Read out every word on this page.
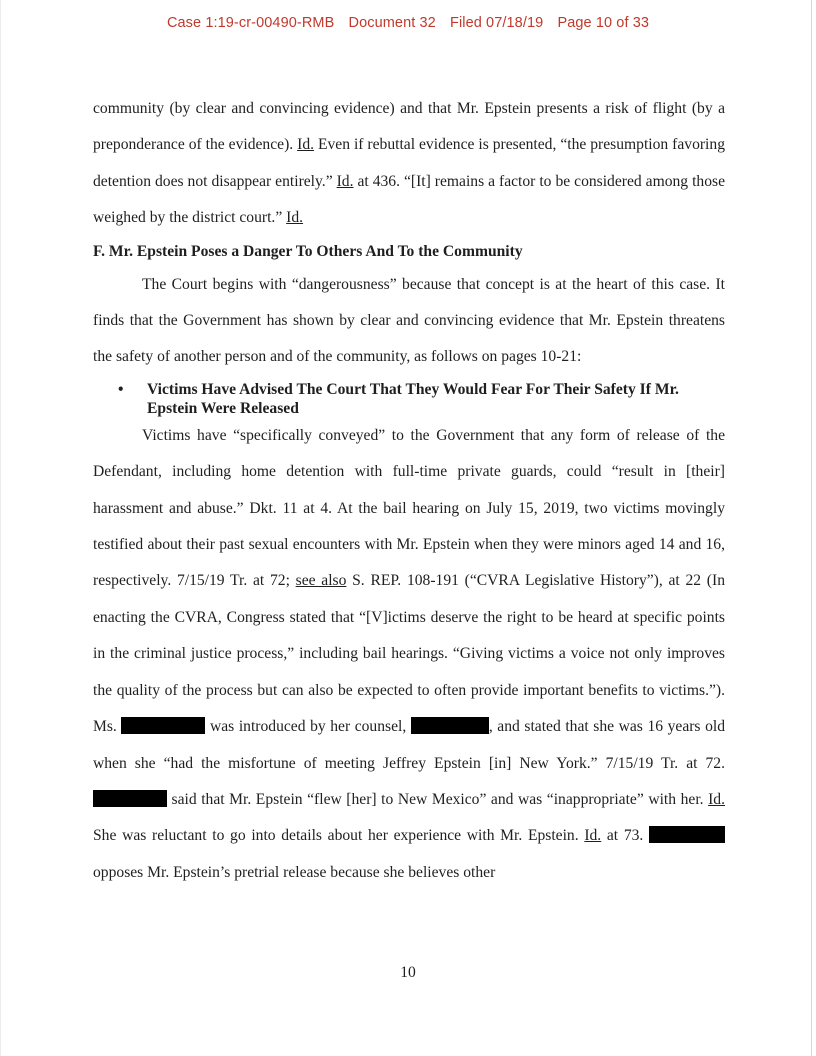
Case 1:19-cr-00490-RMB Document 32 Filed 07/18/19 Page 10 of 33

community (by clear and convincing evidence) and that Mr. Epstein presents a risk of flight (by a preponderance of the evidence). Id. Even if rebuttal evidence is presented, “the presumption favoring detention does not disappear entirely.” Id. at 436. “[It] remains a factor to be considered among those weighed by the district court.” Id.

F. Mr. Epstein Poses a Danger To Others And To the Community

The Court begins with “dangerousness” because that concept is at the heart of this case. It finds that the Government has shown by clear and convincing evidence that Mr. Epstein threatens the safety of another person and of the community, as follows on pages 10-21:

• Victims Have Advised The Court That They Would Fear For Their Safety If Mr. Epstein Were Released

Victims have “specifically conveyed” to the Government that any form of release of the Defendant, including home detention with full-time private guards, could “result in [their] harassment and abuse.” Dkt. 11 at 4. At the bail hearing on July 15, 2019, two victims movingly testified about their past sexual encounters with Mr. Epstein when they were minors aged 14 and 16, respectively. 7/15/19 Tr. at 72; see also S. REP. 108-191 (“CVRA Legislative History”), at 22 (In enacting the CVRA, Congress stated that “[V]ictims deserve the right to be heard at specific points in the criminal justice process,” including bail hearings. “Giving victims a voice not only improves the quality of the process but can also be expected to often provide important benefits to victims.”). Ms.	was introduced by her counsel,	, and stated that she was 16 years old when she “had the misfortune of meeting Jeffrey Epstein [in] New York.” 7/15/19 Tr. at 72.  said that Mr. Epstein “flew [her] to New Mexico” and was “inappropriate” with her. Id. She was reluctant to go into details about her experience with Mr. Epstein. Id. at 73.  opposes Mr. Epstein’s pretrial release because she believes other

10
